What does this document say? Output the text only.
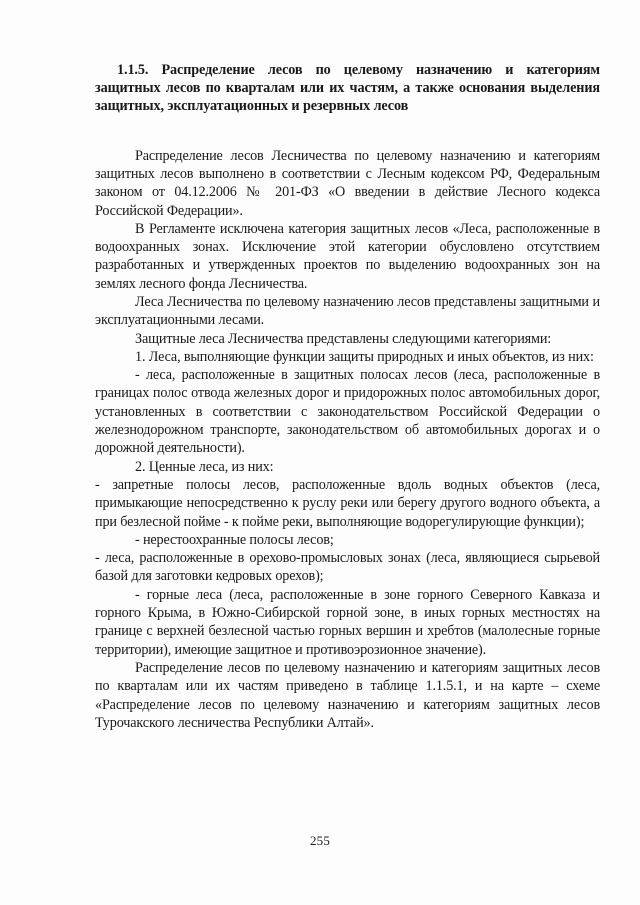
1.1.5. Распределение лесов по целевому назначению и категориям защитных лесов по кварталам или их частям, а также основания выделения защитных, эксплуатационных и резервных лесов

Распределение лесов Лесничества по целевому назначению и категориям защитных лесов выполнено в соответствии с Лесным кодексом РФ, Федеральным законом от 04.12.2006 № 201-ФЗ «О введении в действие Лесного кодекса Российской Федерации».

В Регламенте исключена категория защитных лесов «Леса, расположенные в водоохранных зонах. Исключение этой категории обусловлено отсутствием разработанных и утвержденных проектов по выделению водоохранных зон на землях лесного фонда Лесничества.

Леса Лесничества по целевому назначению лесов представлены защитными и эксплуатационными лесами.

Защитные леса Лесничества представлены следующими категориями:

1. Леса, выполняющие функции защиты природных и иных объектов, из них:

- леса, расположенные в защитных полосах лесов (леса, расположенные в границах полос отвода железных дорог и придорожных полос автомобильных дорог, установленных в соответствии с законодательством Российской Федерации о железнодорожном транспорте, законодательством об автомобильных дорогах и о дорожной деятельности).

2. Ценные леса, из них:

- запретные полосы лесов, расположенные вдоль водных объектов (леса, примыкающие непосредственно к руслу реки или берегу другого водного объекта, а при безлесной пойме - к пойме реки, выполняющие водорегулирующие функции);

- нерестоохранные полосы лесов;

- леса, расположенные в орехово-промысловых зонах (леса, являющиеся сырьевой базой для заготовки кедровых орехов);

- горные леса (леса, расположенные в зоне горного Северного Кавказа и горного Крыма, в Южно-Сибирской горной зоне, в иных горных местностях на границе с верхней безлесной частью горных вершин и хребтов (малолесные горные территории), имеющие защитное и противоэрозионное значение).

Распределение лесов по целевому назначению и категориям защитных лесов по кварталам или их частям приведено в таблице 1.1.5.1, и на карте – схеме «Распределение лесов по целевому назначению и категориям защитных лесов Турочакского лесничества Республики Алтай».

255
